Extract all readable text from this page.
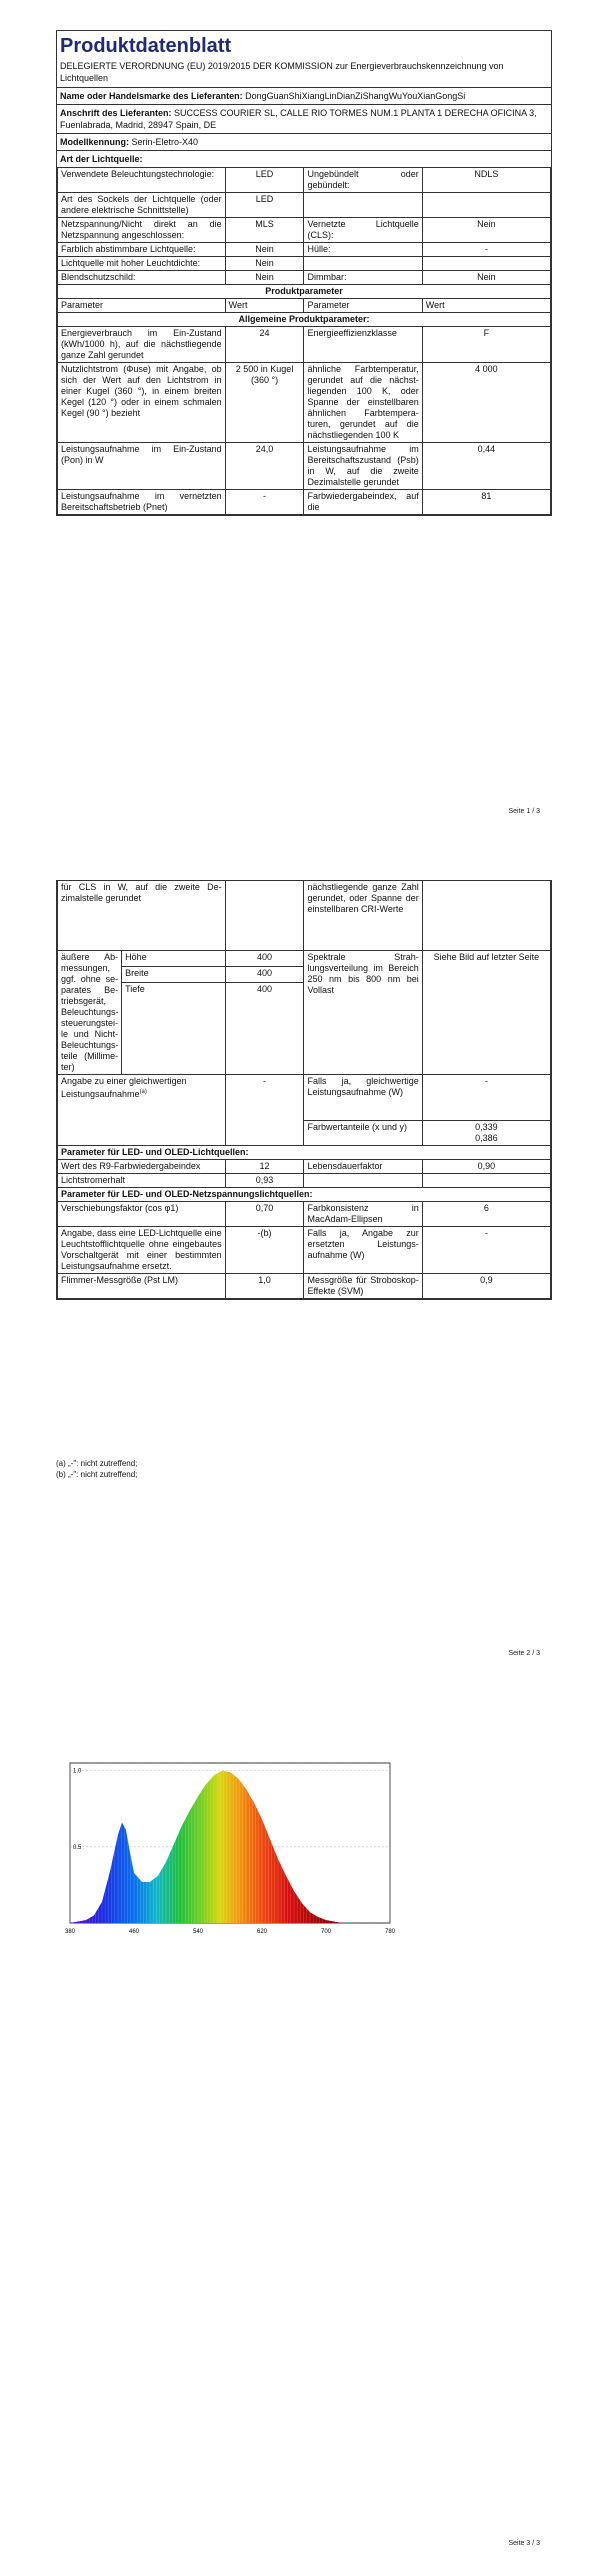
Produktdatenblatt
DELEGIERTE VERORDNUNG (EU) 2019/2015 DER KOMMISSION zur Energieverbrauchskennzeichnung von Lichtquellen
Name oder Handelsmarke des Lieferanten: DongGuanShiXiangLinDianZiShangWuYouXianGongSi
Anschrift des Lieferanten: SUCCESS COURIER SL, CALLE RIO TORMES NUM.1 PLANTA 1 DERECHA OFICINA 3, Fuenlabrada, Madrid, 28947 Spain, DE
Modellkennung: Serin-Eletro-X40
Art der Lichtquelle:
Verwendete Beleuchtungstechnologie:	LED	Ungebündelt oder gebündelt:	NDLS
Art des Sockels der Lichtquelle (oder andere elektrische Schnittstelle)	LED		
Netzspannung/Nicht direkt an die Netzspannung angeschlossen:	MLS	Vernetzte Lichtquelle (CLS):	Nein
Farblich abstimmbare Lichtquelle:	Nein	Hülle:	-
Lichtquelle mit hoher Leuchtdichte:	Nein		
Blendschutzschild:	Nein	Dimmbar:	Nein
Produktparameter			
Parameter	Wert	Parameter	Wert
Allgemeine Produktparameter:			
Energieverbrauch im Ein-Zustand (kWh/1000 h), auf die nächstliegende ganze Zahl gerundet	24	Energieeffizienzklasse	F
Nutzlichtstrom (Φuse) mit Angabe, ob sich der Wert auf den Lichtstrom in einer Kugel (360 °), in einem breiten Kegel (120 °) oder in einem schmalen Kegel (90 °) bezieht	2 500 in Kugel (360 °)	ähnliche Farbtemperatur, gerundet auf die nächstliegenden 100 K, oder Spanne der einstellbaren ähnlichen Farbtemperaturen, gerundet auf die nächstliegenden 100 K	4 000
Leistungsaufnahme im Ein-Zustand (Pon) in W	24,0	Leistungsaufnahme im Bereitschaftszustand (Psb) in W, auf die zweite Dezimalstelle gerundet	0,44
Leistungsaufnahme im vernetzten Bereitschaftsbetrieb (Pnet)	-	Farbwiedergabeindex, auf die	81
Seite 1 / 3
für CLS in W, auf die zweite Dezimalstelle gerundet			nächstliegende ganze Zahl gerundet, oder Spanne der einstellbaren CRI-Werte	
äußere Abmessungen, ggf. ohne separates Betriebsgerät, Beleuchtungssteuerungsteile und Nicht-Beleuchtungsteile (Millimeter)	Höhe	400	Spektrale Strahlungsverteilung im Bereich 250 nm bis 800 nm bei Vollast	Siehe Bild auf letzter Seite
	Breite	400		
	Tiefe	400		
Angabe zu einer gleichwertigen Leistungsaufnahme$^{(a)}$		-	Falls ja, gleichwertige Leistungsaufnahme (W)	-
			Farbwertanteile (x und y)	0,339
0,386

Parameter für LED- und OLED-Lichtquellen:				
Wert des R9-Farbwiedergabeindex		12	Lebensdauerfaktor	0,90
Lichtstromerhalt		0,93		
Parameter für LED- und OLED-Netzspannungslichtquellen:				
Verschiebungsfaktor (cos φ1)		0,70	Farbkonsistenz in MacAdam-Ellipsen	6
Angabe, dass eine LED-Lichtquelle eine Leuchtstofflichtquelle ohne eingebautes Vorschaltgerät mit einer bestimmten Leistungsaufnahme ersetzt.		-(b)	Falls ja, Angabe zur ersetzten Leistungsaufnahme (W)	-
Flimmer-Messgröße (Pst LM)		1,0	Messgröße für Stroboskop-Effekte (SVM)	0,9
(a) „-": nicht zutreffend;
(b) „-": nicht zutreffend;
Seite 2 / 3
380	460	540	620	700	780
1.0
0.5
Seite 3 / 3
